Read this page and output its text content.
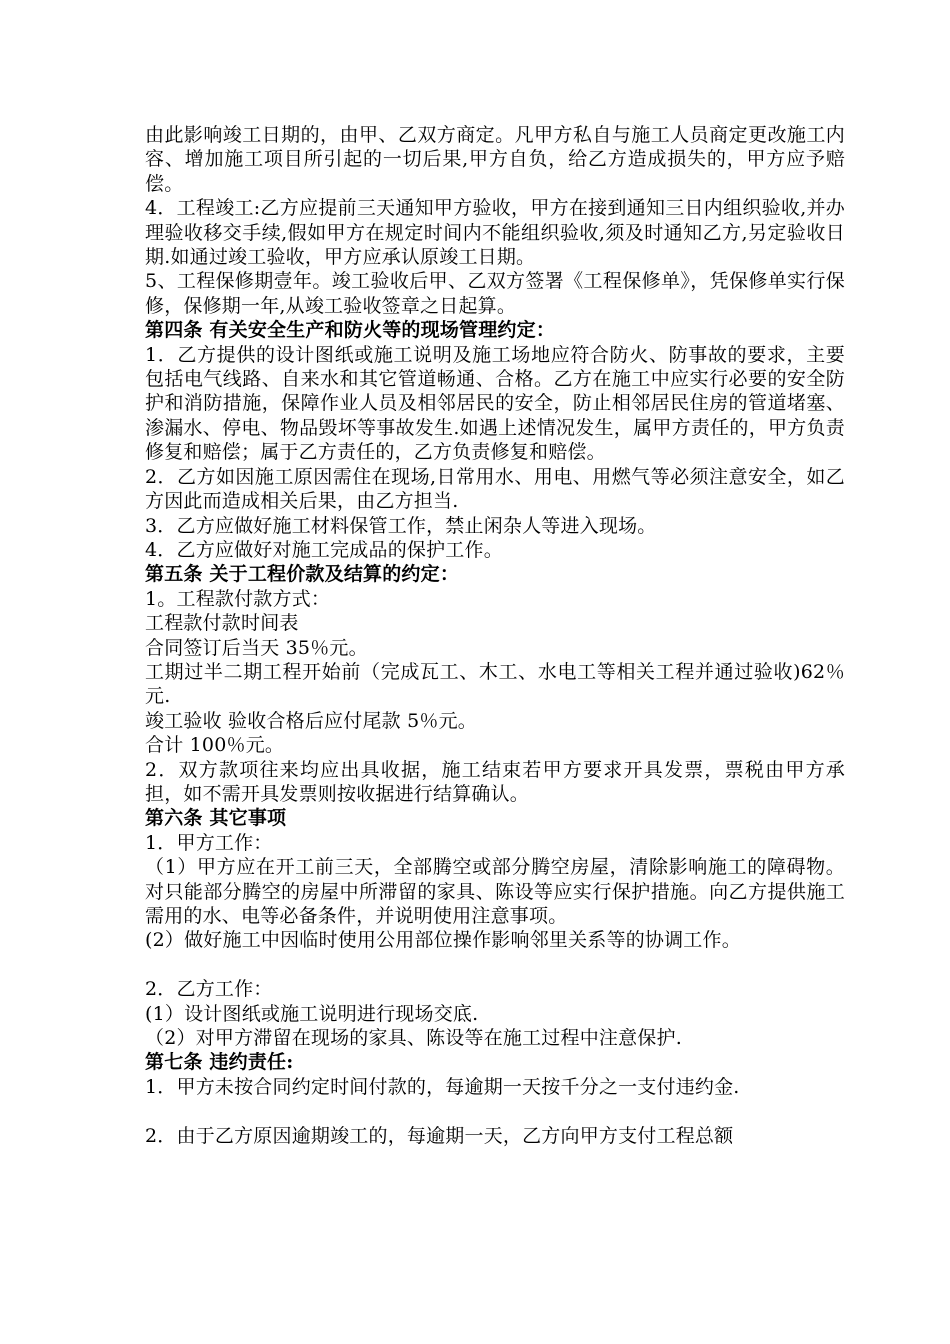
由此影响竣工日期的，由甲、乙双方商定。凡甲方私自与施工人员商定更改施工内容、增加施工项目所引起的一切后果,甲方自负，给乙方造成损失的，甲方应予赔偿。

4．工程竣工:乙方应提前三天通知甲方验收，甲方在接到通知三日内组织验收,并办理验收移交手续,假如甲方在规定时间内不能组织验收,须及时通知乙方,另定验收日期.如通过竣工验收，甲方应承认原竣工日期。

5、工程保修期壹年。竣工验收后甲、乙双方签署《工程保修单》，凭保修单实行保修，保修期一年,从竣工验收签章之日起算。

第四条 有关安全生产和防火等的现场管理约定：

1．乙方提供的设计图纸或施工说明及施工场地应符合防火、防事故的要求，主要包括电气线路、自来水和其它管道畅通、合格。乙方在施工中应实行必要的安全防护和消防措施，保障作业人员及相邻居民的安全，防止相邻居民住房的管道堵塞、渗漏水、停电、物品毁坏等事故发生.如遇上述情况发生，属甲方责任的，甲方负责修复和赔偿；属于乙方责任的，乙方负责修复和赔偿。

2．乙方如因施工原因需住在现场,日常用水、用电、用燃气等必须注意安全，如乙方因此而造成相关后果，由乙方担当.

3．乙方应做好施工材料保管工作，禁止闲杂人等进入现场。

4．乙方应做好对施工完成品的保护工作。

第五条 关于工程价款及结算的约定：

1。工程款付款方式：

工程款付款时间表

合同签订后当天 35％元。

工期过半二期工程开始前（完成瓦工、木工、水电工等相关工程并通过验收)62％ 元.

竣工验收 验收合格后应付尾款 5％元。

合计 100％元。

2．双方款项往来均应出具收据，施工结束若甲方要求开具发票，票税由甲方承担，如不需开具发票则按收据进行结算确认。

第六条 其它事项

1．甲方工作：

（1）甲方应在开工前三天，全部腾空或部分腾空房屋，清除影响施工的障碍物。对只能部分腾空的房屋中所滞留的家具、陈设等应实行保护措施。向乙方提供施工需用的水、电等必备条件，并说明使用注意事项。

(2）做好施工中因临时使用公用部位操作影响邻里关系等的协调工作。

2．乙方工作：

(1）设计图纸或施工说明进行现场交底.

（2）对甲方滞留在现场的家具、陈设等在施工过程中注意保护.

第七条 违约责任:

1．甲方未按合同约定时间付款的，每逾期一天按千分之一支付违约金.

2．由于乙方原因逾期竣工的，每逾期一天，乙方向甲方支付工程总额
